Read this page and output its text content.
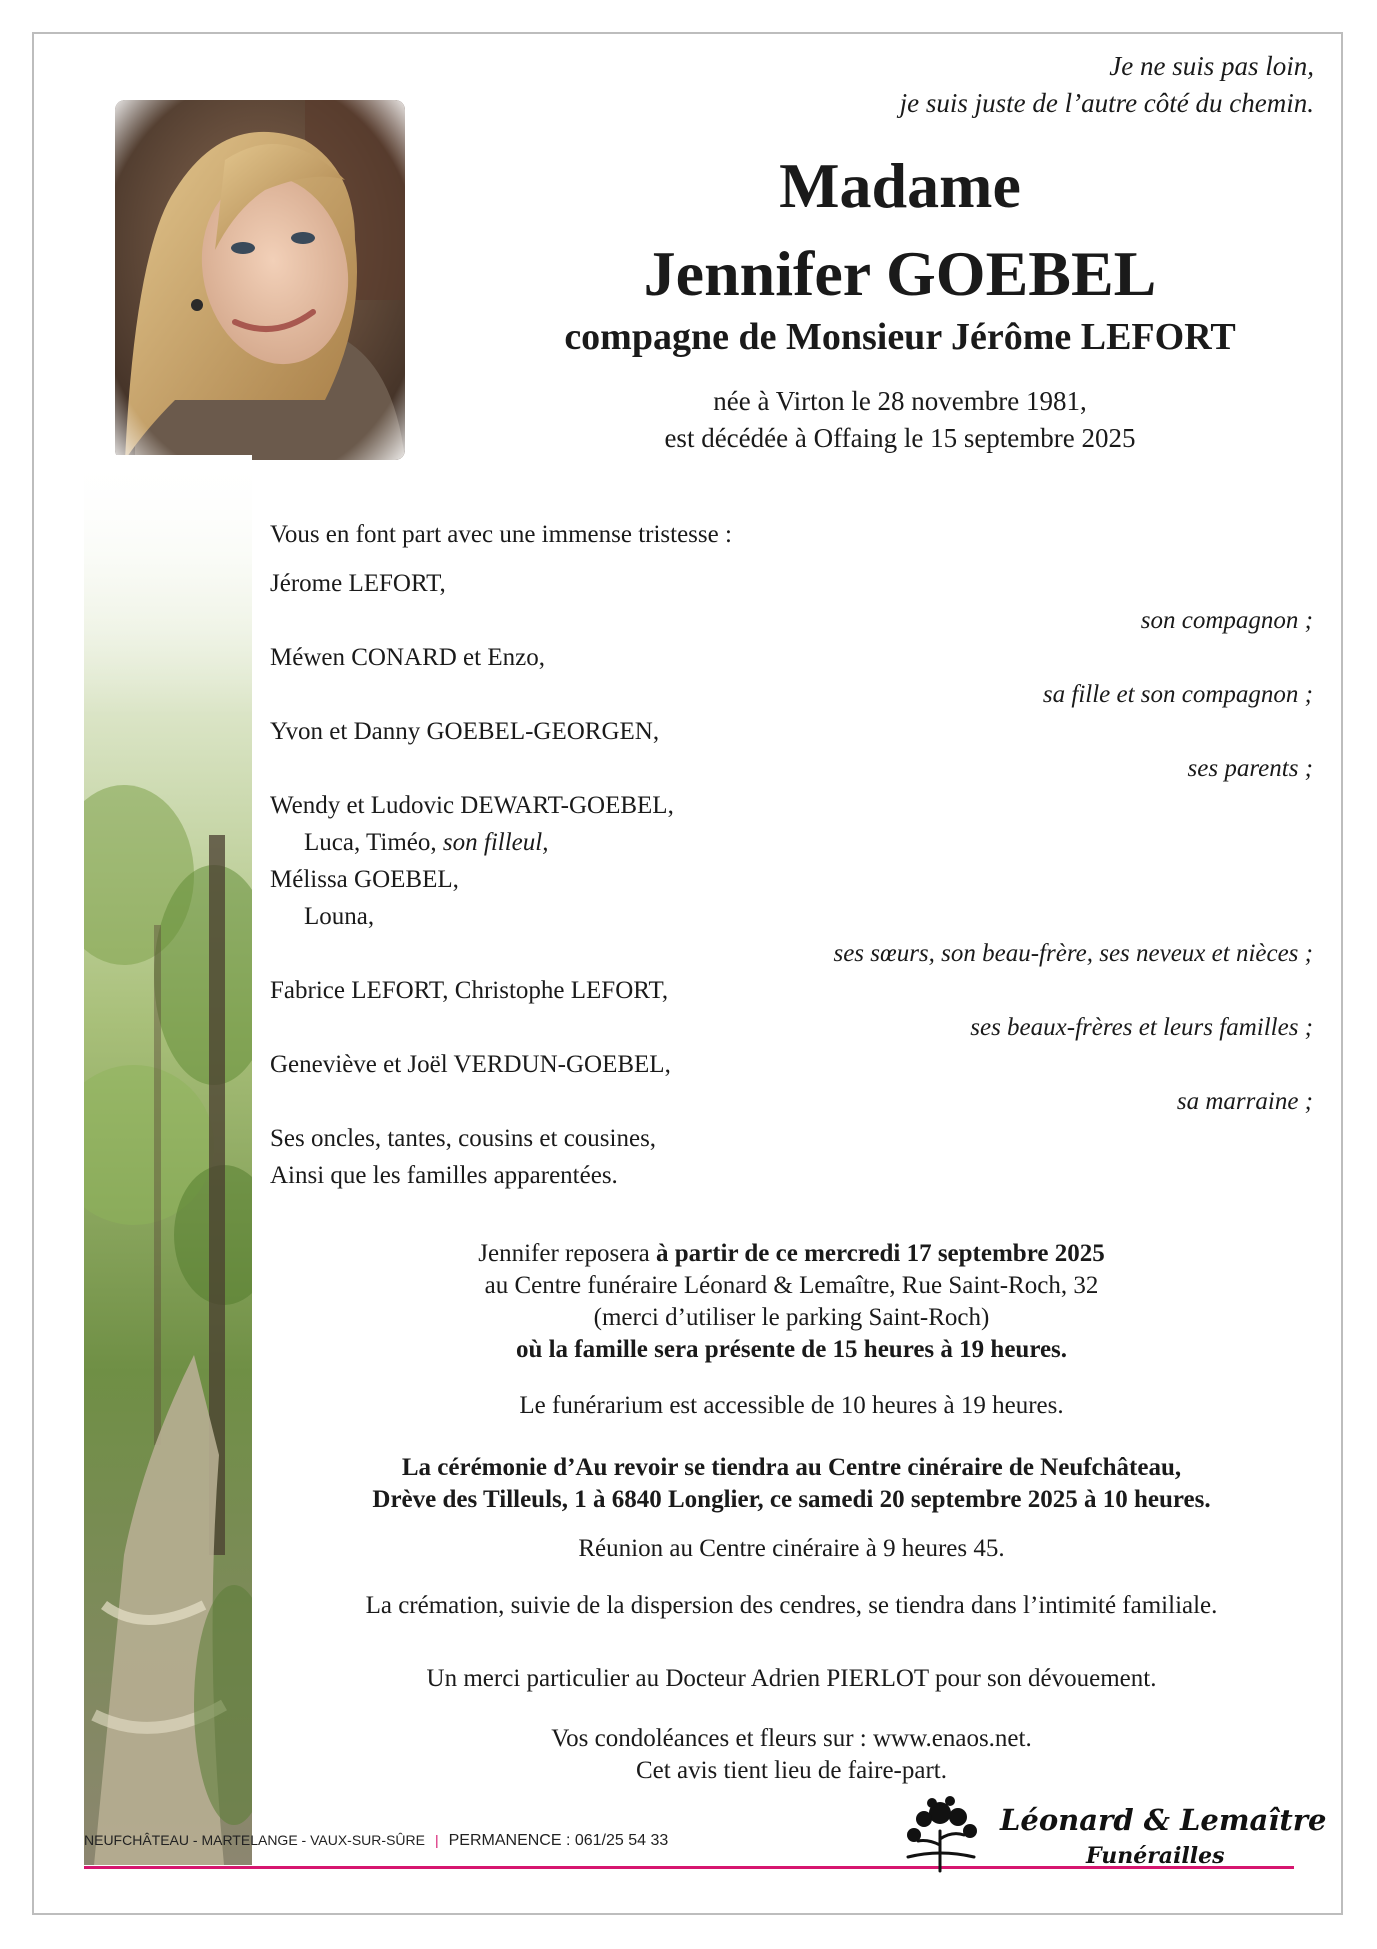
Je ne suis pas loin,
je suis juste de l’autre côté du chemin.
Madame
Jennifer GOEBEL
compagne de Monsieur Jérôme LEFORT
née à Virton le 28 novembre 1981,
est décédée à Offaing le 15 septembre 2025
Vous en font part avec une immense tristesse :
Jérome LEFORT,
son compagnon ;
Méwen CONARD et Enzo,
sa fille et son compagnon ;
Yvon et Danny GOEBEL-GEORGEN,
ses parents ;
Wendy et Ludovic DEWART-GOEBEL,
Luca, Timéo, son filleul,
Mélissa GOEBEL,
Louna,
ses sœurs, son beau-frère, ses neveux et nièces ;
Fabrice LEFORT, Christophe LEFORT,
ses beaux-frères et leurs familles ;
Geneviève et Joël VERDUN-GOEBEL,
sa marraine ;
Ses oncles, tantes, cousins et cousines,
Ainsi que les familles apparentées.
Jennifer reposera à partir de ce mercredi 17 septembre 2025
au Centre funéraire Léonard & Lemaître, Rue Saint-Roch, 32
(merci d’utiliser le parking Saint-Roch)
où la famille sera présente de 15 heures à 19 heures.
Le funérarium est accessible de 10 heures à 19 heures.
La cérémonie d’Au revoir se tiendra au Centre cinéraire de Neufchâteau,
Drève des Tilleuls, 1 à 6840 Longlier, ce samedi 20 septembre 2025 à 10 heures.
Réunion au Centre cinéraire à 9 heures 45.
La crémation, suivie de la dispersion des cendres, se tiendra dans l’intimité familiale.
Un merci particulier au Docteur Adrien PIERLOT pour son dévouement.
Vos condoléances et fleurs sur : www.enaos.net.
Cet avis tient lieu de faire-part.
NEUFCHÂTEAU - MARTELANGE - VAUX-SUR-SÛRE | PERMANENCE : 061/25 54 33
Léonard & Lemaître
Funérailles
